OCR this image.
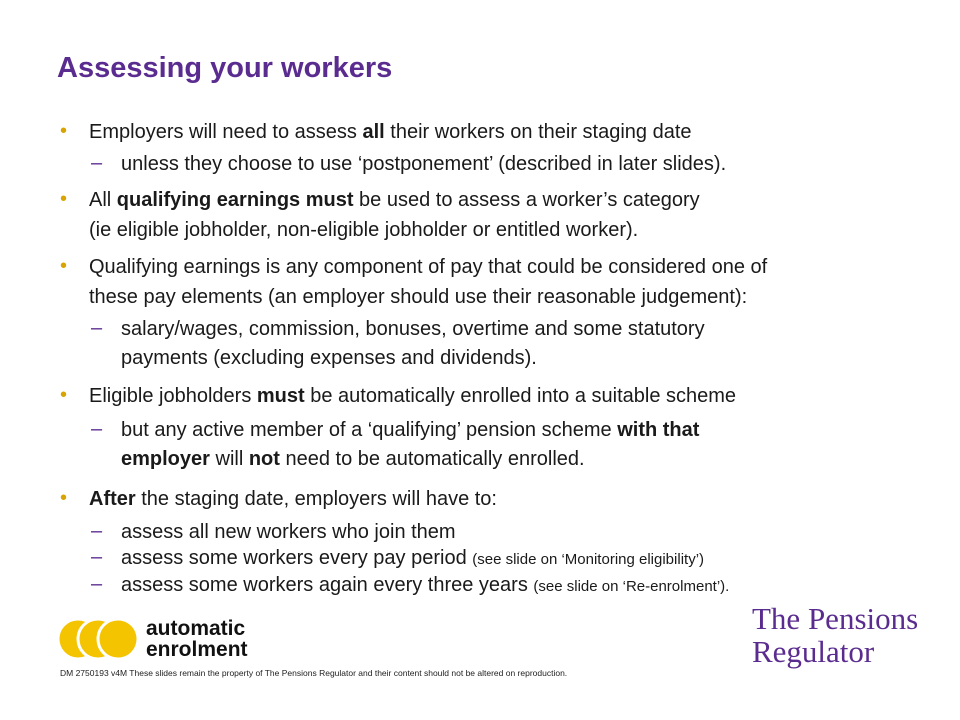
Assessing your workers
• Employers will need to assess all their workers on their staging date
– unless they choose to use ‘postponement’ (described in later slides).
• All qualifying earnings must be used to assess a worker’s category
(ie eligible jobholder, non-eligible jobholder or entitled worker).
• Qualifying earnings is any component of pay that could be considered one of
these pay elements (an employer should use their reasonable judgement):
– salary/wages, commission, bonuses, overtime and some statutory
payments (excluding expenses and dividends).
• Eligible jobholders must be automatically enrolled into a suitable scheme
– but any active member of a ‘qualifying’ pension scheme with that
employer will not need to be automatically enrolled.
• After the staging date, employers will have to:
– assess all new workers who join them
– assess some workers every pay period (see slide on ‘Monitoring eligibility’)
– assess some workers again every three years (see slide on ‘Re-enrolment’).
automatic
enrolment
The Pensions
Regulator
DM 2750193 v4M These slides remain the property of The Pensions Regulator and their content should not be altered on reproduction.
